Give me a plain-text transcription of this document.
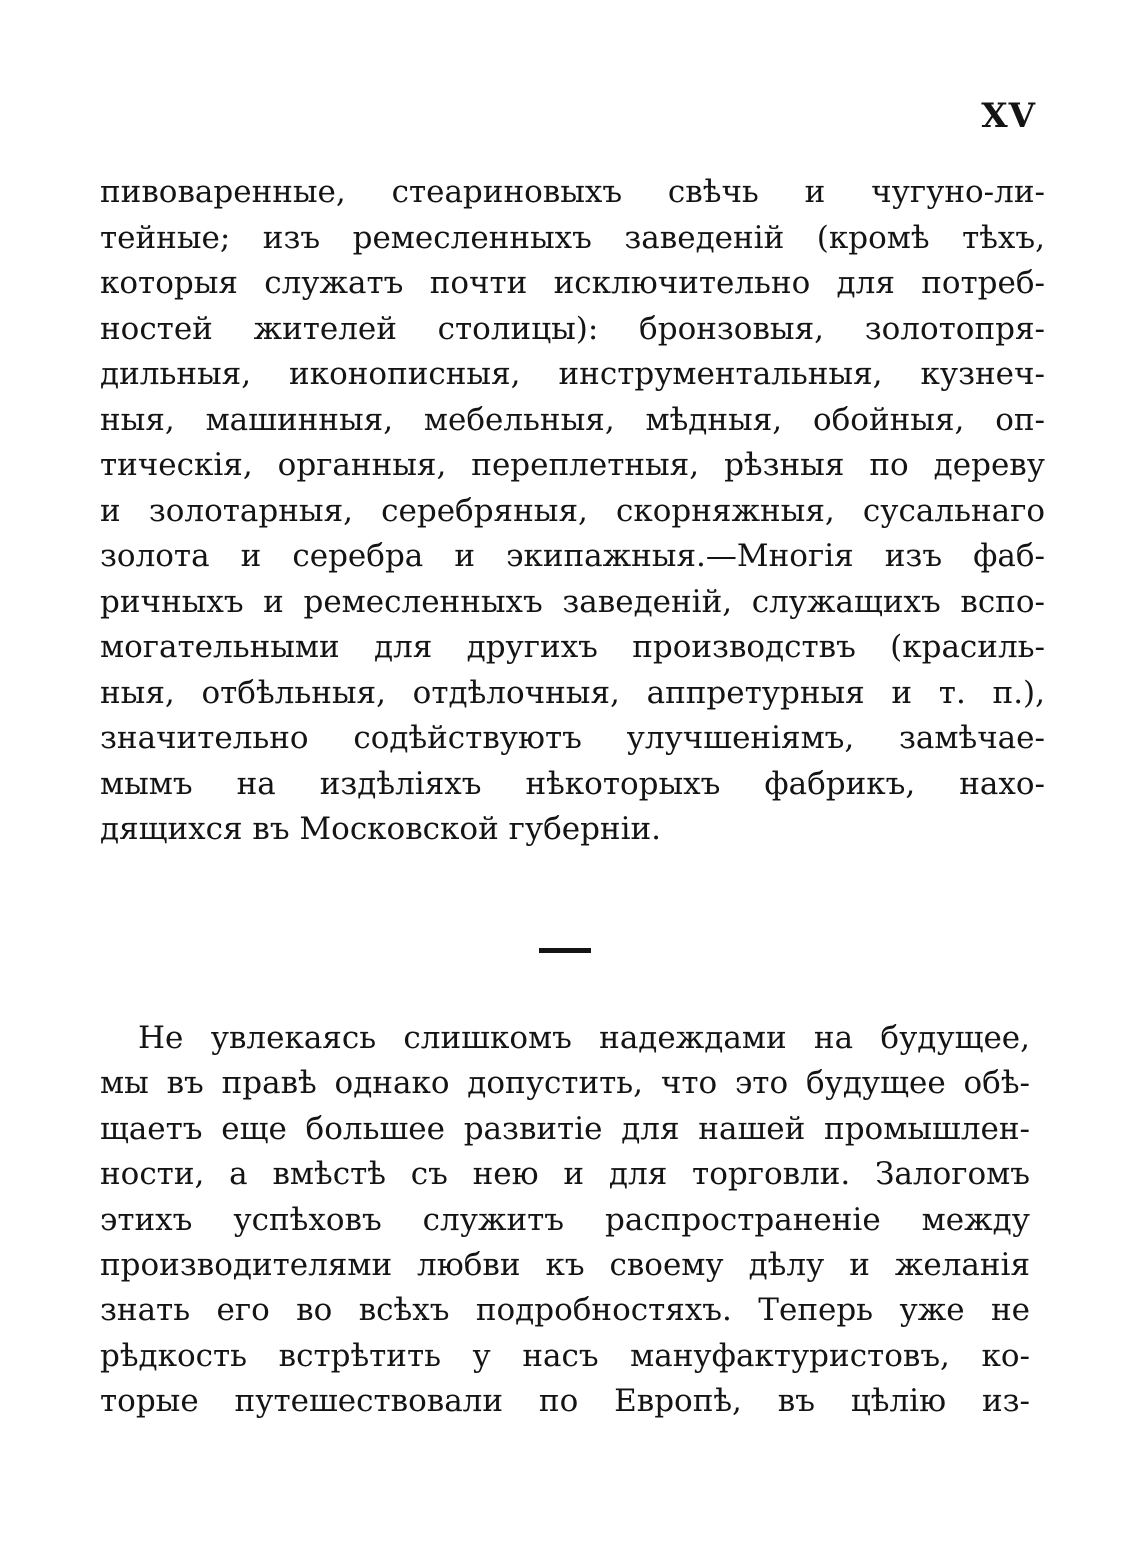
XV
пивоваренные, стеариновыхъ свѣчь и чугуно-ли-
тейные; изъ ремесленныхъ заведеній (кромѣ тѣхъ,
которыя служатъ почти исключительно для потреб-
ностей жителей столицы): бронзовыя, золотопря-
дильныя, иконописныя, инструментальныя, кузнеч-
ныя, машинныя, мебельныя, мѣдныя, обойныя, оп-
тическія, органныя, переплетныя, рѣзныя по дереву
и золотарныя, серебряныя, скорняжныя, сусальнаго
золота и серебра и экипажныя.—Многія изъ фаб-
ричныхъ и ремесленныхъ заведеній, служащихъ вспо-
могательными для другихъ производствъ (красиль-
ныя, отбѣльныя, отдѣлочныя, аппретурныя и т. п.),
значительно содѣйствуютъ улучшеніямъ, замѣчае-
мымъ на издѣліяхъ нѣкоторыхъ фабрикъ, нахо-
дящихся въ Московской губерніи.
Не увлекаясь слишкомъ надеждами на будущее,
мы въ правѣ однако допустить, что это будущее обѣ-
щаетъ еще большее развитіе для нашей промышлен-
ности, а вмѣстѣ съ нею и для торговли. Залогомъ
этихъ успѣховъ служитъ распространеніе между
производителями любви къ своему дѣлу и желанія
знать его во всѣхъ подробностяхъ. Теперь уже не
рѣдкость встрѣтить у насъ мануфактуристовъ, ко-
торые путешествовали по Европѣ, въ цѣлію из-
